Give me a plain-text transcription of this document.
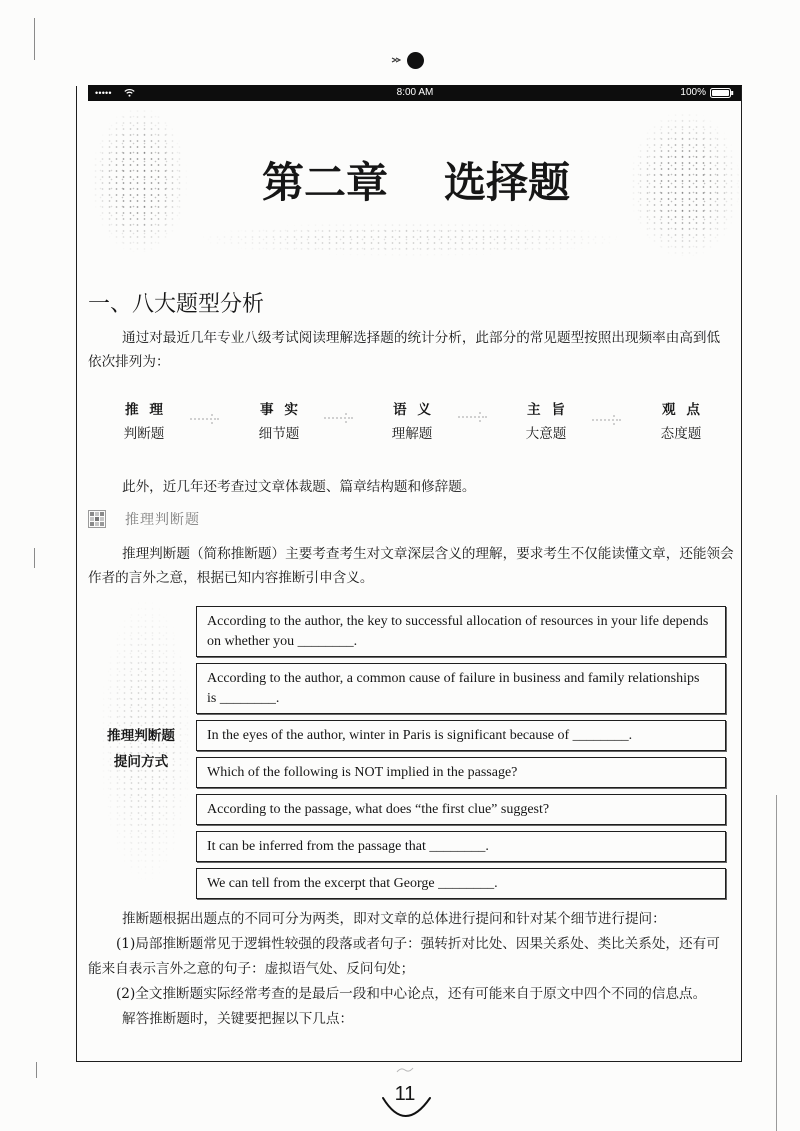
•••••	8:00 AM	100%
第二章 选择题
一、八大题型分析

通过对最近几年专业八级考试阅读理解选择题的统计分析，此部分的常见题型按照出现频率由高到低
依次排列为：

推 理
判断题
事 实
细节题
语 义
理解题
主 旨
大意题
观 点
态度题

此外，近几年还考查过文章体裁题、篇章结构题和修辞题。

推理判断题

推理判断题（简称推断题）主要考查考生对文章深层含义的理解，要求考生不仅能读懂文章，还能领会
作者的言外之意，根据已知内容推断引申含义。

推理判断题
提问方式
According to the author, the key to successful allocation of resources in your life depends
on whether you ________.
According to the author, a common cause of failure in business and family relationships
is ________.
In the eyes of the author, winter in Paris is significant because of ________.
Which of the following is NOT implied in the passage?
According to the passage, what does “the first clue” suggest?
It can be inferred from the passage that ________.
We can tell from the excerpt that George ________.

推断题根据出题点的不同可分为两类，即对文章的总体进行提问和针对某个细节进行提问：

(1)局部推断题常见于逻辑性较强的段落或者句子：强转折对比处、因果关系处、类比关系处，还有可
能来自表示言外之意的句子：虚拟语气处、反问句处；

(2)全文推断题实际经常考查的是最后一段和中心论点，还有可能来自于原文中四个不同的信息点。

解答推断题时，关键要把握以下几点：

11
